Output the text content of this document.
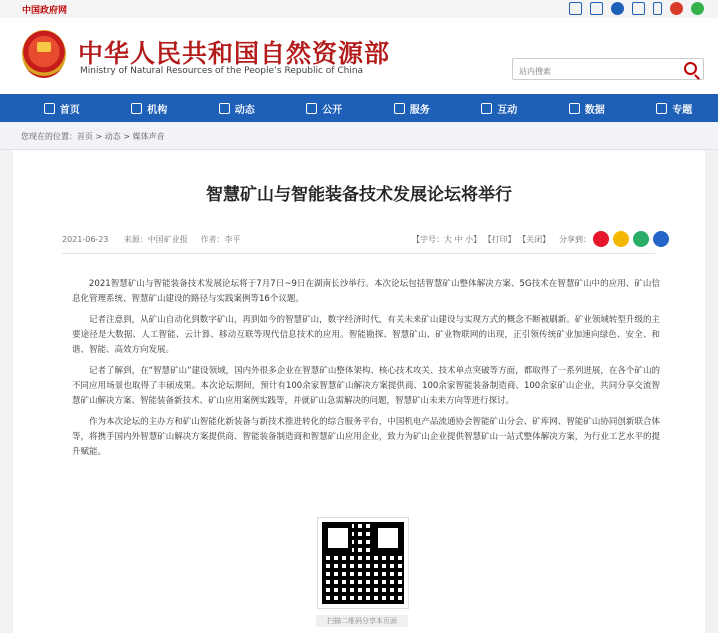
中国政府网
中华人民共和国自然资源部
Ministry of Natural Resources of the People’s Republic of China
站内搜索
首页	机构	动态	公开	服务	互动	数据	专题
您现在的位置：首页 > 动态 > 媒体声音
智慧矿山与智能装备技术发展论坛将举行
2021-06-23 来源：中国矿业报 作者：李平	【字号：大 中 小】 【打印】 【关闭】 分享到：

2021智慧矿山与智能装备技术发展论坛将于7月7日~9日在湖南长沙举行。本次论坛包括智慧矿山整体解决方案、5G技术在智慧矿山中的应用、矿山信息化管理系统、智慧矿山建设的路径与实践案例等16个议题。

记者注意到，从矿山自动化到数字矿山，再到如今的智慧矿山，数字经济时代，有关未来矿山建设与实现方式的概念不断被刷新。矿业领域转型升级的主要途径是大数据、人工智能、云计算、移动互联等现代信息技术的应用。智能勘探、智慧矿山、矿业物联网的出现，正引领传统矿业加速向绿色、安全、和谐、智能、高效方向发展。

记者了解到，在“智慧矿山”建设领域，国内外很多企业在智慧矿山整体架构、核心技术攻关、技术单点突破等方面，都取得了一系列进展，在各个矿山的不同应用场景也取得了丰硕成果。本次论坛期间，预计有100余家智慧矿山解决方案提供商、100余家智能装备制造商、100余家矿山企业，共同分享交流智慧矿山解决方案、智能装备新技术、矿山应用案例实践等，并就矿山急需解决的问题，智慧矿山未来方向等进行探讨。

作为本次论坛的主办方和矿山智能化新装备与新技术推进转化的综合服务平台，中国机电产品流通协会智能矿山分会、矿库网、智能矿山协同创新联合体等，将携手国内外智慧矿山解决方案提供商、智能装备制造商和智慧矿山应用企业，致力为矿山企业提供智慧矿山一站式整体解决方案，为行业工艺水平的提升赋能。

扫描二维码分享本页面
